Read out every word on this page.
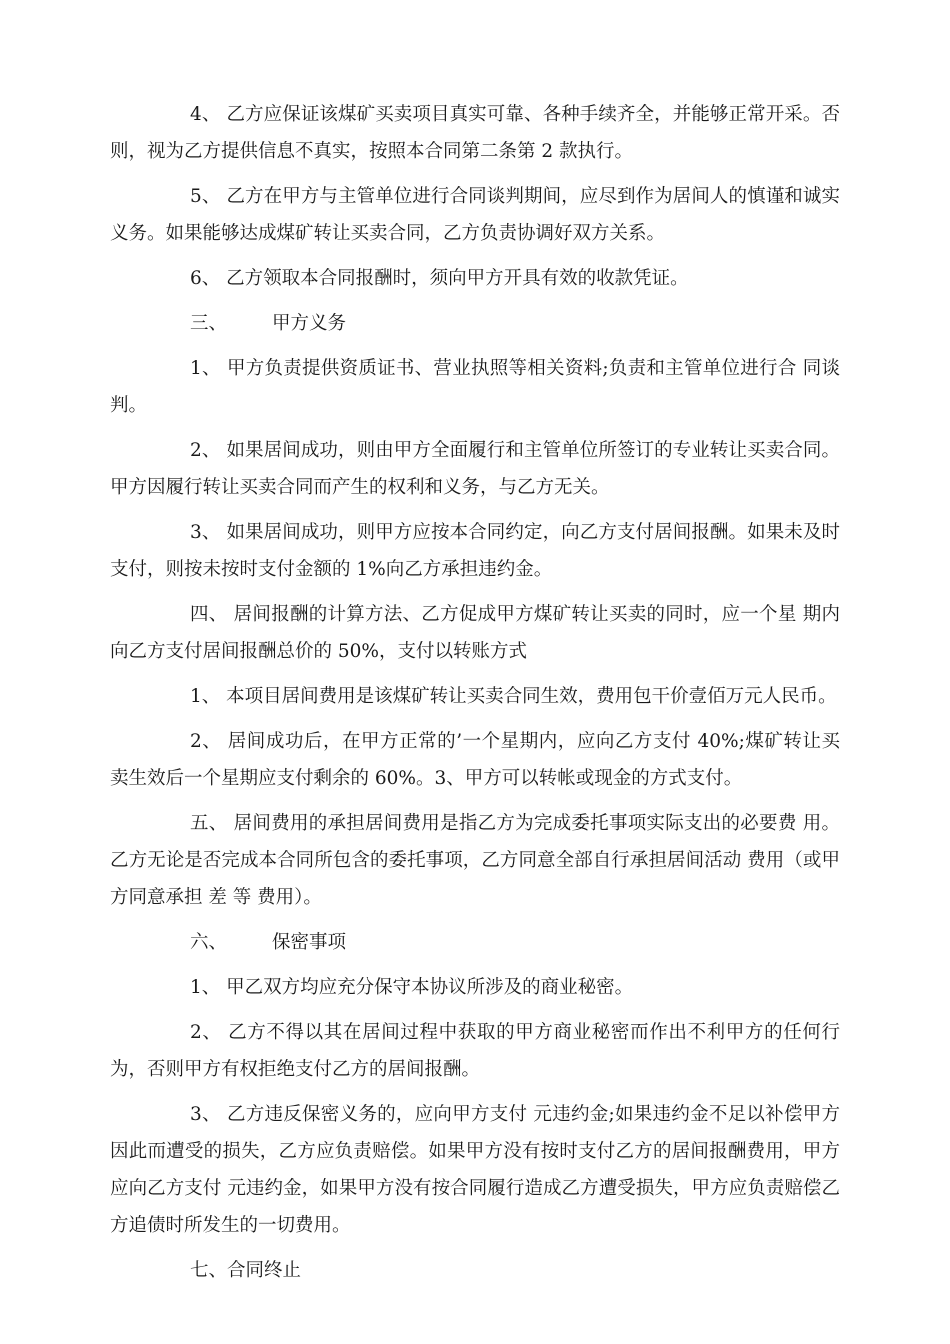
4、 乙方应保证该煤矿买卖项目真实可靠、各种手续齐全，并能够正常开采。否则，视为乙方提供信息不真实，按照本合同第二条第 2 款执行。

5、 乙方在甲方与主管单位进行合同谈判期间，应尽到作为居间人的慎谨和诚实义务。如果能够达成煤矿转让买卖合同，乙方负责协调好双方关系。

6、 乙方领取本合同报酬时，须向甲方开具有效的收款凭证。

三、 甲方义务

1、 甲方负责提供资质证书、营业执照等相关资料;负责和主管单位进行合 同谈判。

2、 如果居间成功，则由甲方全面履行和主管单位所签订的专业转让买卖合同。甲方因履行转让买卖合同而产生的权利和义务，与乙方无关。

3、 如果居间成功，则甲方应按本合同约定，向乙方支付居间报酬。如果未及时支付，则按未按时支付金额的 1%向乙方承担违约金。

四、 居间报酬的计算方法、乙方促成甲方煤矿转让买卖的同时，应一个星 期内向乙方支付居间报酬总价的 50%，支付以转账方式

1、 本项目居间费用是该煤矿转让买卖合同生效，费用包干价壹佰万元人民币。

2、 居间成功后，在甲方正常的’一个星期内，应向乙方支付 40%;煤矿转让买卖生效后一个星期应支付剩余的 60%。3、甲方可以转帐或现金的方式支付。

五、 居间费用的承担居间费用是指乙方为完成委托事项实际支出的必要费 用。乙方无论是否完成本合同所包含的委托事项，乙方同意全部自行承担居间活动 费用（或甲方同意承担 差 等 费用）。

六、 保密事项

1、 甲乙双方均应充分保守本协议所涉及的商业秘密。

2、 乙方不得以其在居间过程中获取的甲方商业秘密而作出不利甲方的任何行为，否则甲方有权拒绝支付乙方的居间报酬。

3、 乙方违反保密义务的，应向甲方支付 元违约金;如果违约金不足以补偿甲方因此而遭受的损失，乙方应负责赔偿。如果甲方没有按时支付乙方的居间报酬费用，甲方应向乙方支付 元违约金，如果甲方没有按合同履行造成乙方遭受损失，甲方应负责赔偿乙方追债时所发生的一切费用。

七、合同终止
